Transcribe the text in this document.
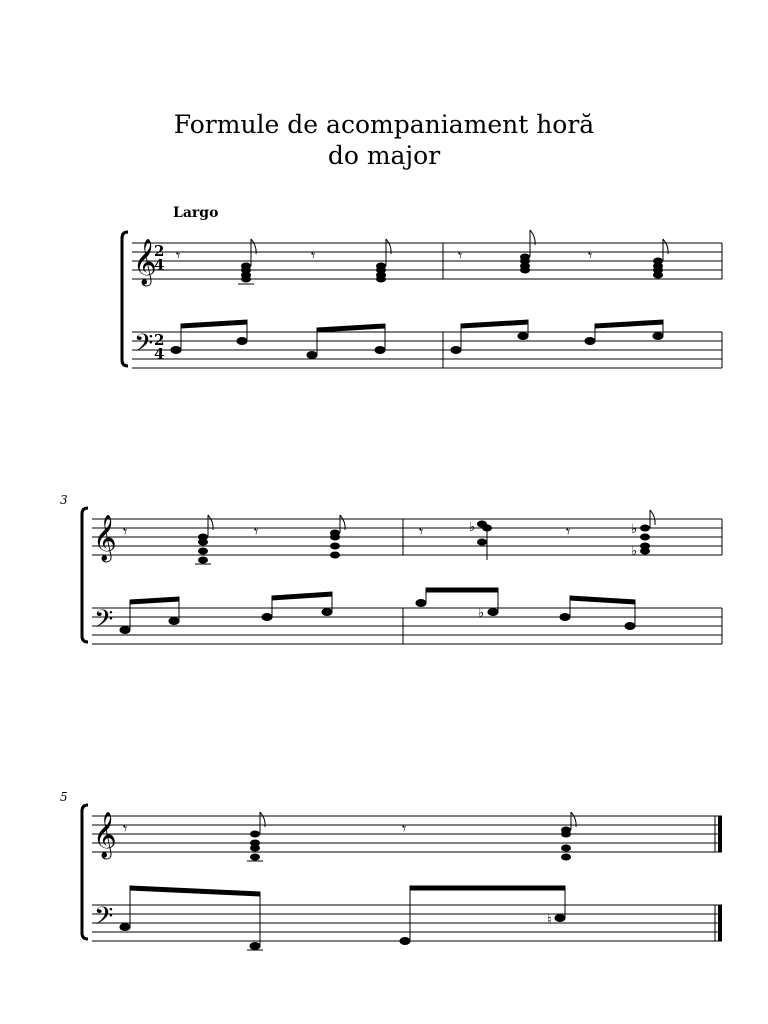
Formule de acompaniament horă
do major
Largo
3
5
𝄞
𝄢
2
4
2
4
𝄾	𝄾	𝄾	𝄾
𝄞
𝄢
𝄾	𝄾	𝄾	♭	𝄾	♭
♭
♭
𝄞
𝄢
𝄾	𝄾
♮
